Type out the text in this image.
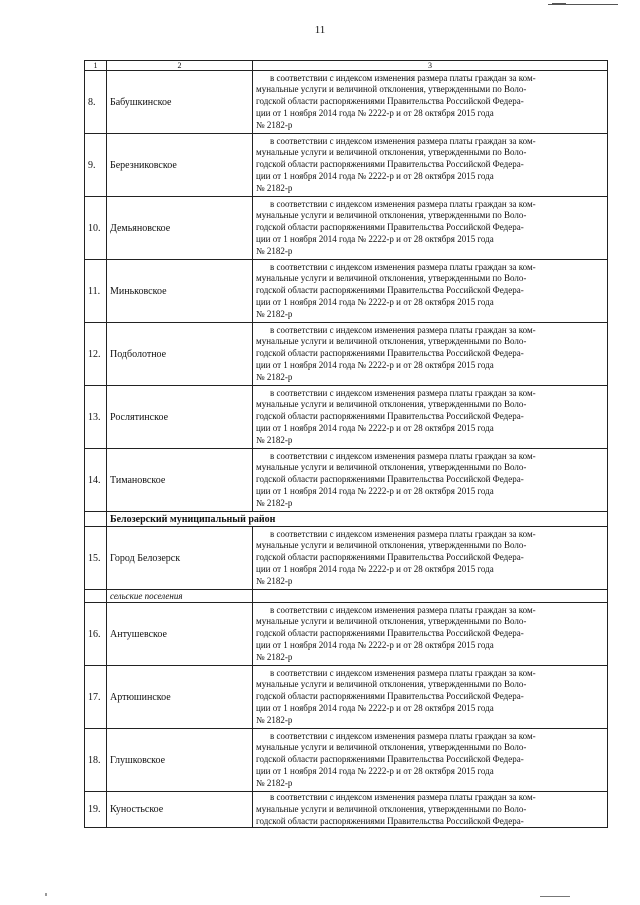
11
1	2	3
8.	Бабушкинское	в соответствии с индексом изменения размера платы граждан за ком-
мунальные услуги и величиной отклонения, утвержденными по Воло-
годской области распоряжениями Правительства Российской Федера-
ции от 1 ноября 2014 года № 2222-р и от 28 октября 2015 года
№ 2182-р

9.	Березниковское	в соответствии с индексом изменения размера платы граждан за ком-
мунальные услуги и величиной отклонения, утвержденными по Воло-
годской области распоряжениями Правительства Российской Федера-
ции от 1 ноября 2014 года № 2222-р и от 28 октября 2015 года
№ 2182-р

10.	Демьяновское	в соответствии с индексом изменения размера платы граждан за ком-
мунальные услуги и величиной отклонения, утвержденными по Воло-
годской области распоряжениями Правительства Российской Федера-
ции от 1 ноября 2014 года № 2222-р и от 28 октября 2015 года
№ 2182-р

11.	Миньковское	в соответствии с индексом изменения размера платы граждан за ком-
мунальные услуги и величиной отклонения, утвержденными по Воло-
годской области распоряжениями Правительства Российской Федера-
ции от 1 ноября 2014 года № 2222-р и от 28 октября 2015 года
№ 2182-р

12.	Подболотное	в соответствии с индексом изменения размера платы граждан за ком-
мунальные услуги и величиной отклонения, утвержденными по Воло-
годской области распоряжениями Правительства Российской Федера-
ции от 1 ноября 2014 года № 2222-р и от 28 октября 2015 года
№ 2182-р

13.	Рослятинское	в соответствии с индексом изменения размера платы граждан за ком-
мунальные услуги и величиной отклонения, утвержденными по Воло-
годской области распоряжениями Правительства Российской Федера-
ции от 1 ноября 2014 года № 2222-р и от 28 октября 2015 года
№ 2182-р

14.	Тимановское	в соответствии с индексом изменения размера платы граждан за ком-
мунальные услуги и величиной отклонения, утвержденными по Воло-
годской области распоряжениями Правительства Российской Федера-
ции от 1 ноября 2014 года № 2222-р и от 28 октября 2015 года
№ 2182-р

	Белозерский муниципальный район	
15.	Город Белозерск	в соответствии с индексом изменения размера платы граждан за ком-
мунальные услуги и величиной отклонения, утвержденными по Воло-
годской области распоряжениями Правительства Российской Федера-
ции от 1 ноября 2014 года № 2222-р и от 28 октября 2015 года
№ 2182-р

	сельские поселения	
16.	Антушевское	в соответствии с индексом изменения размера платы граждан за ком-
мунальные услуги и величиной отклонения, утвержденными по Воло-
годской области распоряжениями Правительства Российской Федера-
ции от 1 ноября 2014 года № 2222-р и от 28 октября 2015 года
№ 2182-р

17.	Артюшинское	в соответствии с индексом изменения размера платы граждан за ком-
мунальные услуги и величиной отклонения, утвержденными по Воло-
годской области распоряжениями Правительства Российской Федера-
ции от 1 ноября 2014 года № 2222-р и от 28 октября 2015 года
№ 2182-р

18.	Глушковское	в соответствии с индексом изменения размера платы граждан за ком-
мунальные услуги и величиной отклонения, утвержденными по Воло-
годской области распоряжениями Правительства Российской Федера-
ции от 1 ноября 2014 года № 2222-р и от 28 октября 2015 года
№ 2182-р

19.	Куностьское	в соответствии с индексом изменения размера платы граждан за ком-
мунальные услуги и величиной отклонения, утвержденными по Воло-
годской области распоряжениями Правительства Российской Федера-
